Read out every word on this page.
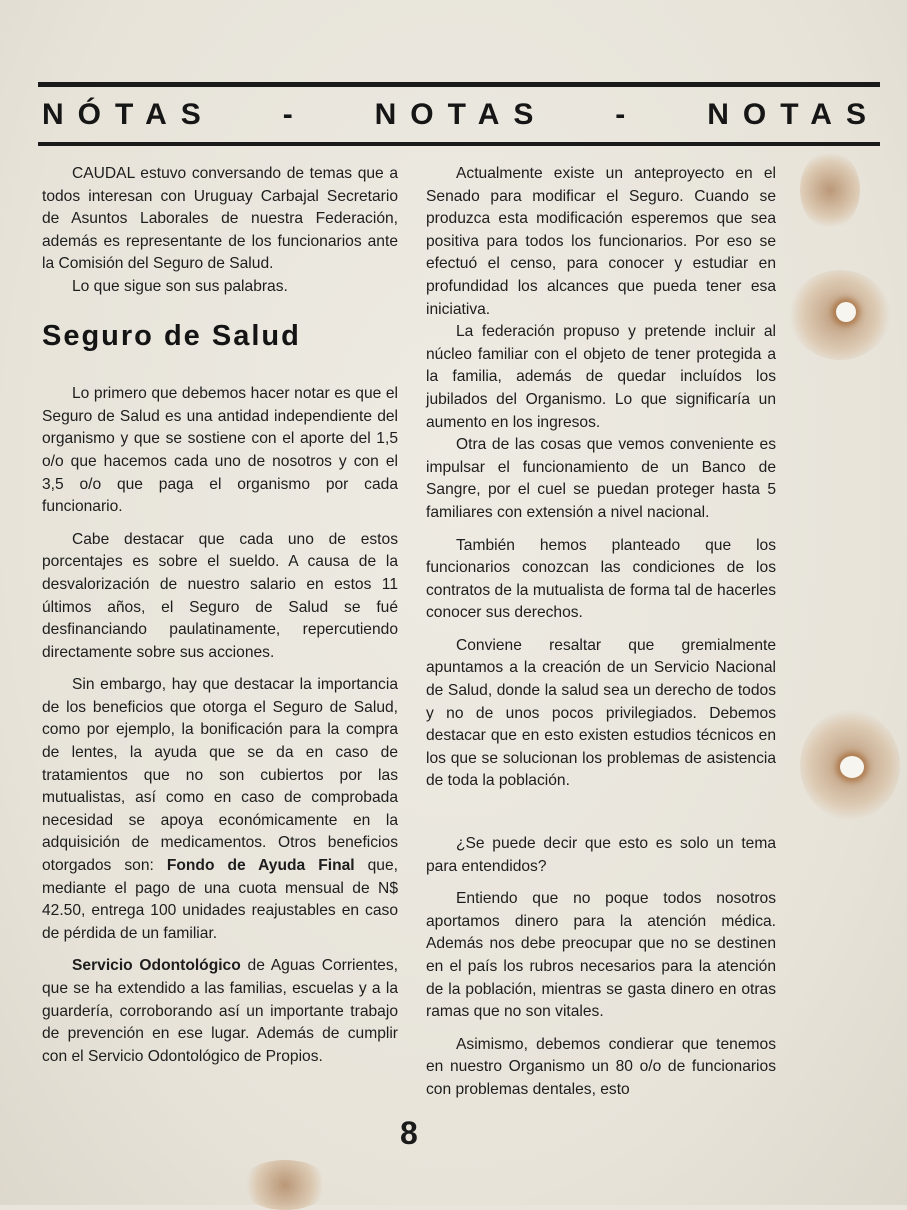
NÓTAS - NOTAS - NOTAS

CAUDAL estuvo conversando de temas que a todos interesan con Uruguay Carbajal Secretario de Asuntos Laborales de nuestra Federación, además es representante de los funcionarios ante la Comisión del Seguro de Salud.

Lo que sigue son sus palabras.

Seguro de Salud

Lo primero que debemos hacer notar es que el Seguro de Salud es una antidad independiente del organismo y que se sostiene con el aporte del 1,5 o/o que hacemos cada uno de nosotros y con el 3,5 o/o que paga el organismo por cada funcionario.

Cabe destacar que cada uno de estos porcentajes es sobre el sueldo. A causa de la desvalorización de nuestro salario en estos 11 últimos años, el Seguro de Salud se fué desfinanciando paulatinamente, repercutiendo directamente sobre sus acciones.

Sin embargo, hay que destacar la importancia de los beneficios que otorga el Seguro de Salud, como por ejemplo, la bonificación para la compra de lentes, la ayuda que se da en caso de tratamientos que no son cubiertos por las mutualistas, así como en caso de comprobada necesidad se apoya económicamente en la adquisición de medicamentos. Otros beneficios otorgados son: Fondo de Ayuda Final que, mediante el pago de una cuota mensual de N$ 42.50, entrega 100 unidades reajustables en caso de pérdida de un familiar.

Servicio Odontológico de Aguas Corrientes, que se ha extendido a las familias, escuelas y a la guardería, corroborando así un importante trabajo de prevención en ese lugar. Además de cumplir con el Servicio Odontológico de Propios.

Actualmente existe un anteproyecto en el Senado para modificar el Seguro. Cuando se produzca esta modificación esperemos que sea positiva para todos los funcionarios. Por eso se efectuó el censo, para conocer y estudiar en profundidad los alcances que pueda tener esa iniciativa.

La federación propuso y pretende incluir al núcleo familiar con el objeto de tener protegida a la familia, además de quedar incluídos los jubilados del Organismo. Lo que significaría un aumento en los ingresos.

Otra de las cosas que vemos conveniente es impulsar el funcionamiento de un Banco de Sangre, por el cuel se puedan proteger hasta 5 familiares con extensión a nivel nacional.

También hemos planteado que los funcionarios conozcan las condiciones de los contratos de la mutualista de forma tal de hacerles conocer sus derechos.

Conviene resaltar que gremialmente apuntamos a la creación de un Servicio Nacional de Salud, donde la salud sea un derecho de todos y no de unos pocos privilegiados. Debemos destacar que en esto existen estudios técnicos en los que se solucionan los problemas de asistencia de toda la población.

¿Se puede decir que esto es solo un tema para entendidos?

Entiendo que no poque todos nosotros aportamos dinero para la atención médica. Además nos debe preocupar que no se destinen en el país los rubros necesarios para la atención de la población, mientras se gasta dinero en otras ramas que no son vitales.

Asimismo, debemos condierar que tenemos en nuestro Organismo un 80 o/o de funcionarios con problemas dentales, esto

8
